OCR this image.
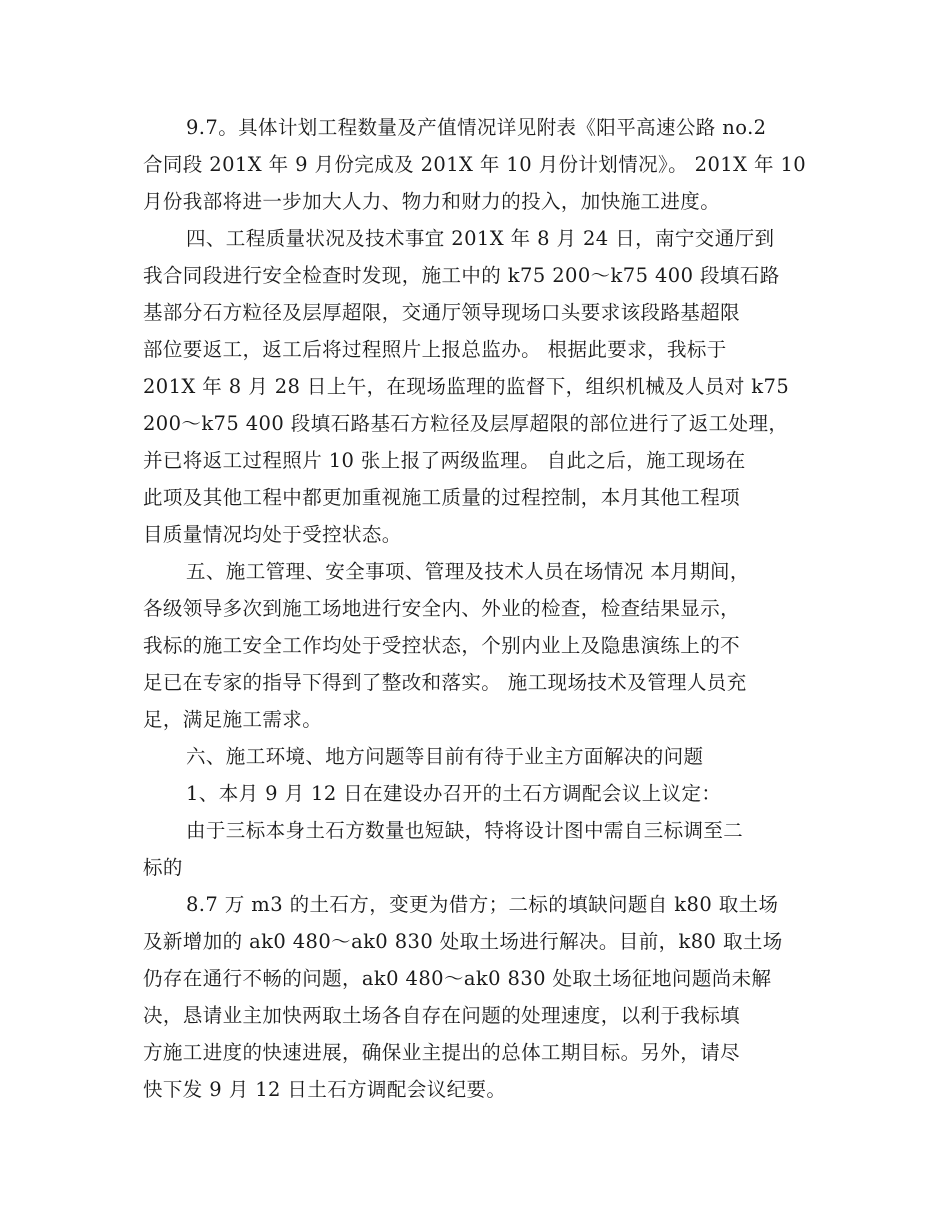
9.7。具体计划工程数量及产值情况详见附表《阳平高速公路 no.2
合同段 201X 年 9 月份完成及 201X 年 10 月份计划情况》。 201X 年 10
月份我部将进一步加大人力、物力和财力的投入，加快施工进度。
四、工程质量状况及技术事宜 201X 年 8 月 24 日，南宁交通厅到
我合同段进行安全检查时发现，施工中的 k75 200～k75 400 段填石路
基部分石方粒径及层厚超限，交通厅领导现场口头要求该段路基超限
部位要返工，返工后将过程照片上报总监办。 根据此要求，我标于
201X 年 8 月 28 日上午，在现场监理的监督下，组织机械及人员对 k75
200～k75 400 段填石路基石方粒径及层厚超限的部位进行了返工处理，
并已将返工过程照片 10 张上报了两级监理。 自此之后，施工现场在
此项及其他工程中都更加重视施工质量的过程控制，本月其他工程项
目质量情况均处于受控状态。
五、施工管理、安全事项、管理及技术人员在场情况 本月期间，
各级领导多次到施工场地进行安全内、外业的检查，检查结果显示，
我标的施工安全工作均处于受控状态，个别内业上及隐患演练上的不
足已在专家的指导下得到了整改和落实。 施工现场技术及管理人员充
足，满足施工需求。
六、施工环境、地方问题等目前有待于业主方面解决的问题
1、本月 9 月 12 日在建设办召开的土石方调配会议上议定：
由于三标本身土石方数量也短缺，特将设计图中需自三标调至二
标的
8.7 万 m3 的土石方，变更为借方；二标的填缺问题自 k80 取土场
及新增加的 ak0 480～ak0 830 处取土场进行解决。目前，k80 取土场
仍存在通行不畅的问题，ak0 480～ak0 830 处取土场征地问题尚未解
决，恳请业主加快两取土场各自存在问题的处理速度，以利于我标填
方施工进度的快速进展，确保业主提出的总体工期目标。另外，请尽
快下发 9 月 12 日土石方调配会议纪要。
